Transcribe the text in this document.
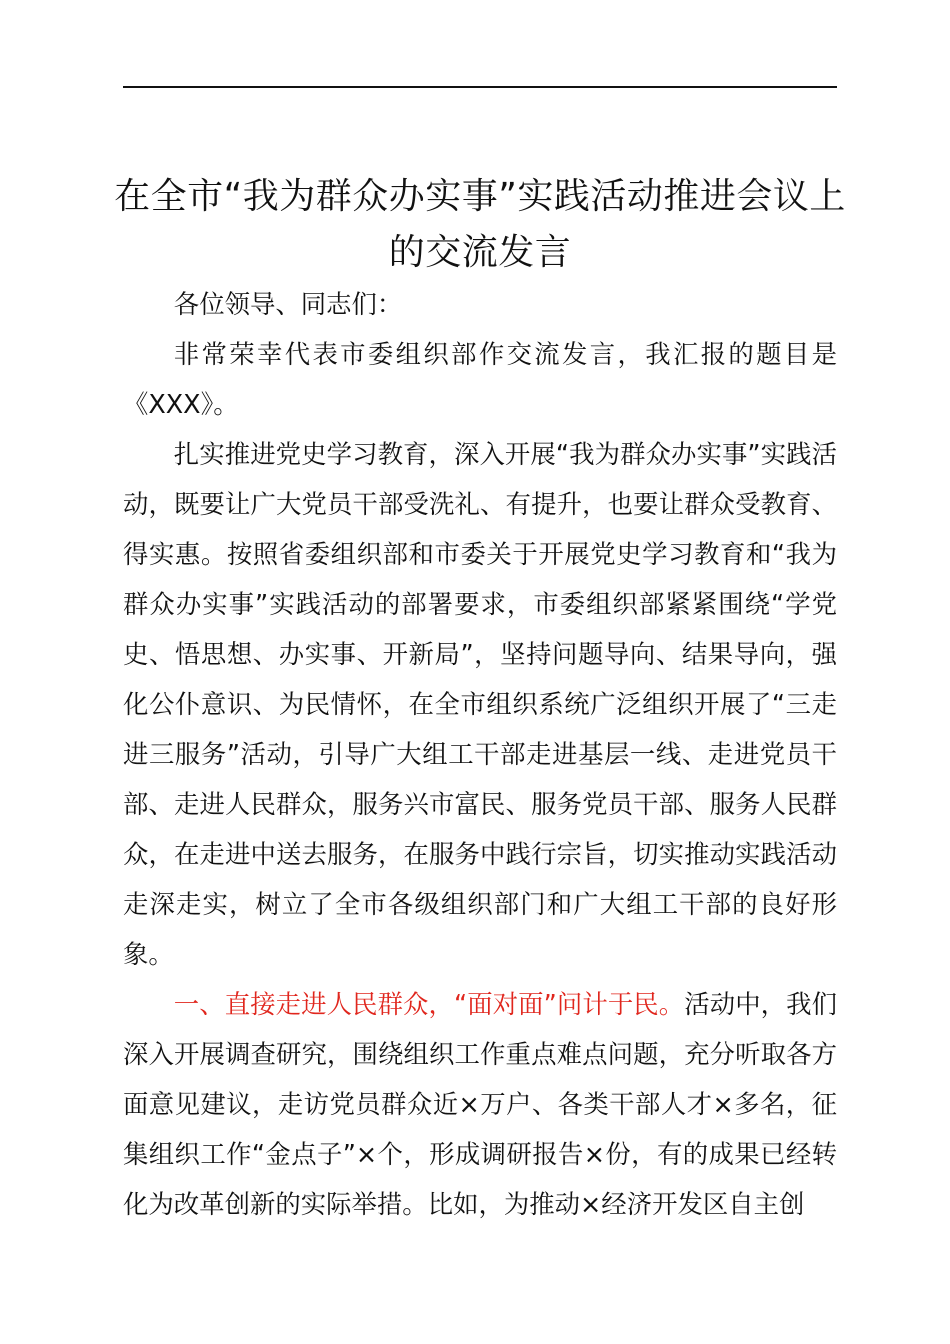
在全市“我为群众办实事”实践活动推进会议上
的交流发言

各位领导、同志们：

非常荣幸代表市委组织部作交流发言，我汇报的题目是《XXX》。

扎实推进党史学习教育，深入开展“我为群众办实事”实践活动，既要让广大党员干部受洗礼、有提升，也要让群众受教育、得实惠。按照省委组织部和市委关于开展党史学习教育和“我为群众办实事”实践活动的部署要求，市委组织部紧紧围绕“学党史、悟思想、办实事、开新局”，坚持问题导向、结果导向，强化公仆意识、为民情怀，在全市组织系统广泛组织开展了“三走进三服务”活动，引导广大组工干部走进基层一线、走进党员干部、走进人民群众，服务兴市富民、服务党员干部、服务人民群众，在走进中送去服务，在服务中践行宗旨，切实推动实践活动走深走实，树立了全市各级组织部门和广大组工干部的良好形象。

一、直接走进人民群众，“面对面”问计于民。活动中，我们深入开展调查研究，围绕组织工作重点难点问题，充分听取各方面意见建议，走访党员群众近×万户、各类干部人才×多名，征集组织工作“金点子”×个，形成调研报告×份，有的成果已经转化为改革创新的实际举措。比如，为推动×经济开发区自主创
